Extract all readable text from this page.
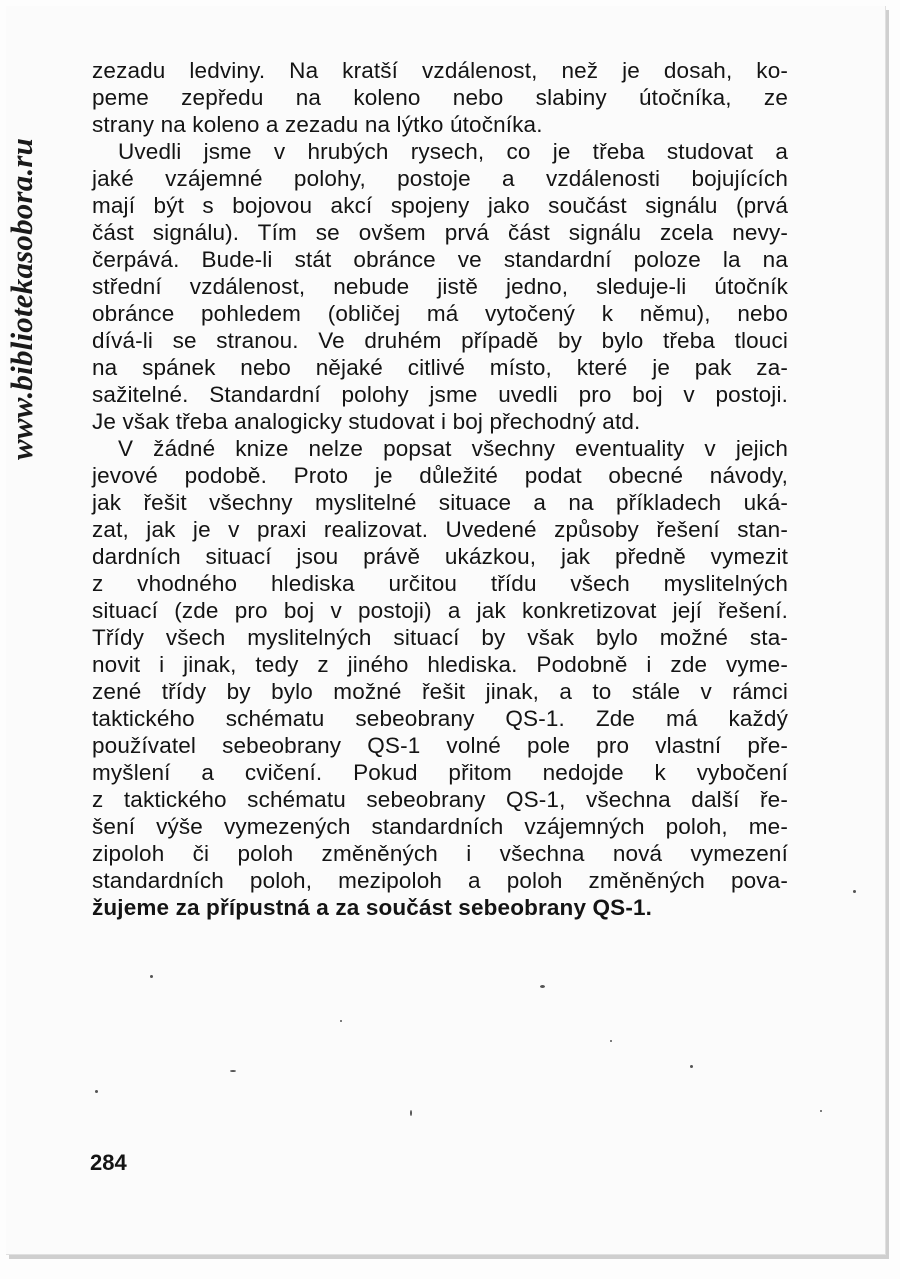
www.bibliotekasobora.ru
zezadu ledviny. Na kratší vzdálenost, než je dosah, ko-
peme zepředu na koleno nebo slabiny útočníka, ze
strany na koleno a zezadu na lýtko útočníka.
Uvedli jsme v hrubých rysech, co je třeba studovat a
jaké vzájemné polohy, postoje a vzdálenosti bojujících
mají být s bojovou akcí spojeny jako součást signálu (prvá
část signálu). Tím se ovšem prvá část signálu zcela nevy-
čerpává. Bude-li stát obránce ve standardní poloze la na
střední vzdálenost, nebude jistě jedno, sleduje-li útočník
obránce pohledem (obličej má vytočený k němu), nebo
dívá-li se stranou. Ve druhém případě by bylo třeba tlouci
na spánek nebo nějaké citlivé místo, které je pak za-
sažitelné. Standardní polohy jsme uvedli pro boj v postoji.
Je však třeba analogicky studovat i boj přechodný atd.
V žádné knize nelze popsat všechny eventuality v jejich
jevové podobě. Proto je důležité podat obecné návody,
jak řešit všechny myslitelné situace a na příkladech uká-
zat, jak je v praxi realizovat. Uvedené způsoby řešení stan-
dardních situací jsou právě ukázkou, jak předně vymezit
z vhodného hlediska určitou třídu všech myslitelných
situací (zde pro boj v postoji) a jak konkretizovat její řešení.
Třídy všech myslitelných situací by však bylo možné sta-
novit i jinak, tedy z jiného hlediska. Podobně i zde vyme-
zené třídy by bylo možné řešit jinak, a to stále v rámci
taktického schématu sebeobrany QS-1. Zde má každý
používatel sebeobrany QS-1 volné pole pro vlastní pře-
myšlení a cvičení. Pokud přitom nedojde k vybočení
z taktického schématu sebeobrany QS-1, všechna další ře-
šení výše vymezených standardních vzájemných poloh, me-
zipoloh či poloh změněných i všechna nová vymezení
standardních poloh, mezipoloh a poloh změněných pova-
žujeme za přípustná a za součást sebeobrany QS-1.
284
